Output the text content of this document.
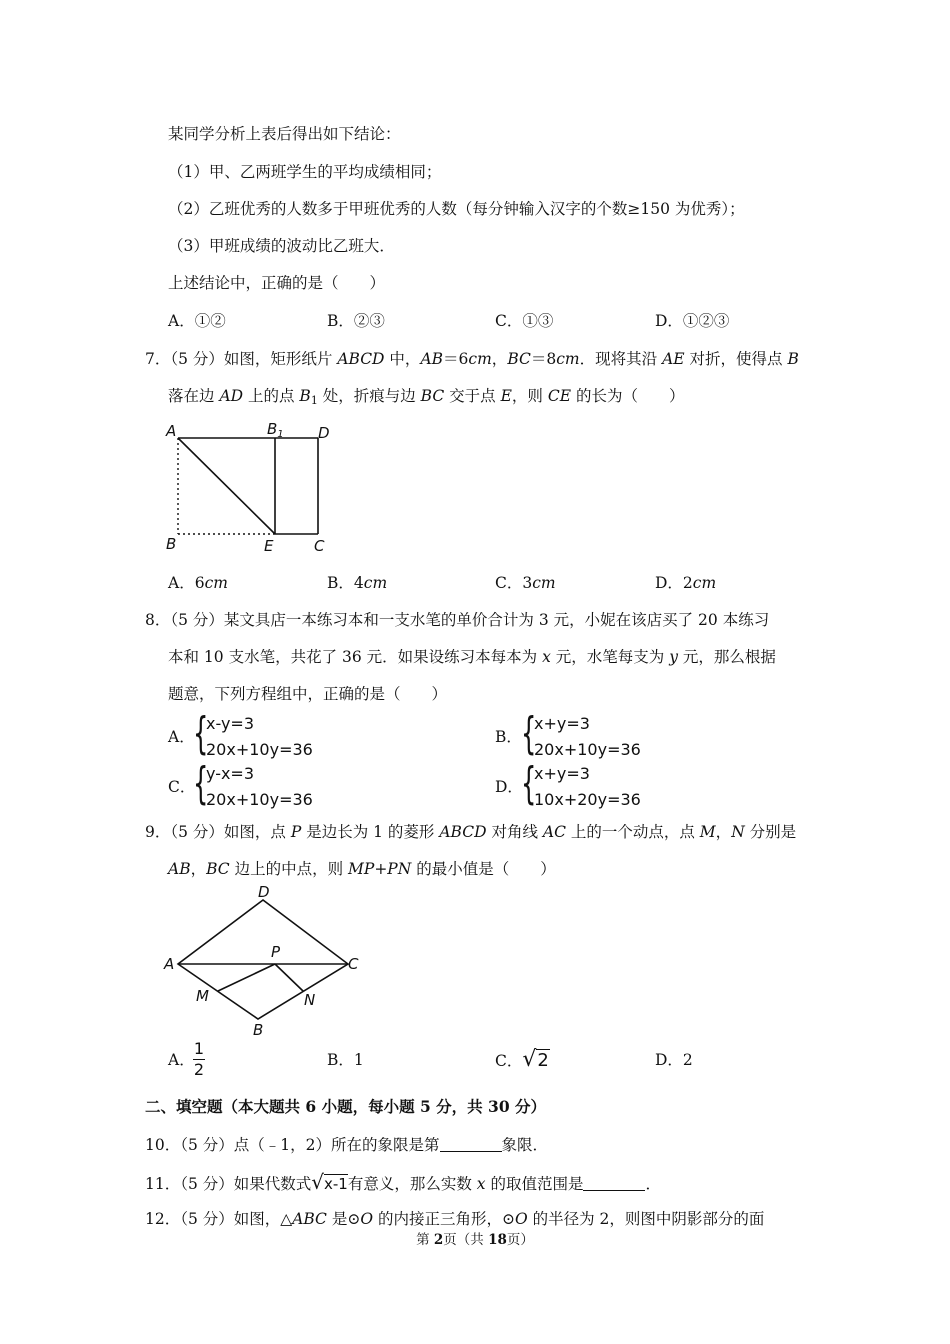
某同学分析上表后得出如下结论：
（1）甲、乙两班学生的平均成绩相同；
（2）乙班优秀的人数多于甲班优秀的人数（每分钟输入汉字的个数≥150 为优秀）；
（3）甲班成绩的波动比乙班大．
上述结论中，正确的是（　　）
A．①②	B．②③	C．①③	D．①②③
7．（5 分）如图，矩形纸片 ABCD 中，AB＝6cm，BC＝8cm．现将其沿 AE 对折，使得点 B
落在边 AD 上的点 $B_1$ 处，折痕与边 BC 交于点 E，则 CE 的长为（　　）
A	$B_1$ D
B	E	C
A．6cm	B．4cm	C．3cm	D．2cm
8．（5 分）某文具店一本练习本和一支水笔的单价合计为 3 元，小妮在该店买了 20 本练习
本和 10 支水笔，共花了 36 元．如果设练习本每本为 x 元，水笔每支为 y 元，那么根据
题意，下列方程组中，正确的是（　　）
A．
{
x-y=3
20x+10y=36
B． {
x+y=3
20x+10y=36
C．
{
y-x=3
20x+10y=36
D．
{
x+y=3
10x+20y=36
9．（5 分）如图，点 P 是边长为 1 的菱形 ABCD 对角线 AC 上的一个动点，点 M，N 分别是
AB，BC 边上的中点，则 MP+PN 的最小值是（　　）
D
A	C
P
M	N
B
A．
1
2	B．1	C．√2	D．2
二、填空题（本大题共 6 小题，每小题 5 分，共 30 分）
10．（5 分）点（﹣1，2）所在的象限是第	象限．
11．（5 分）如果代数式√x-1有意义，那么实数 x 的取值范围是	．
12．（5 分）如图，△ABC 是⊙O 的内接正三角形，⊙O 的半径为 2，则图中阴影部分的面
第 2页（共 18页）
